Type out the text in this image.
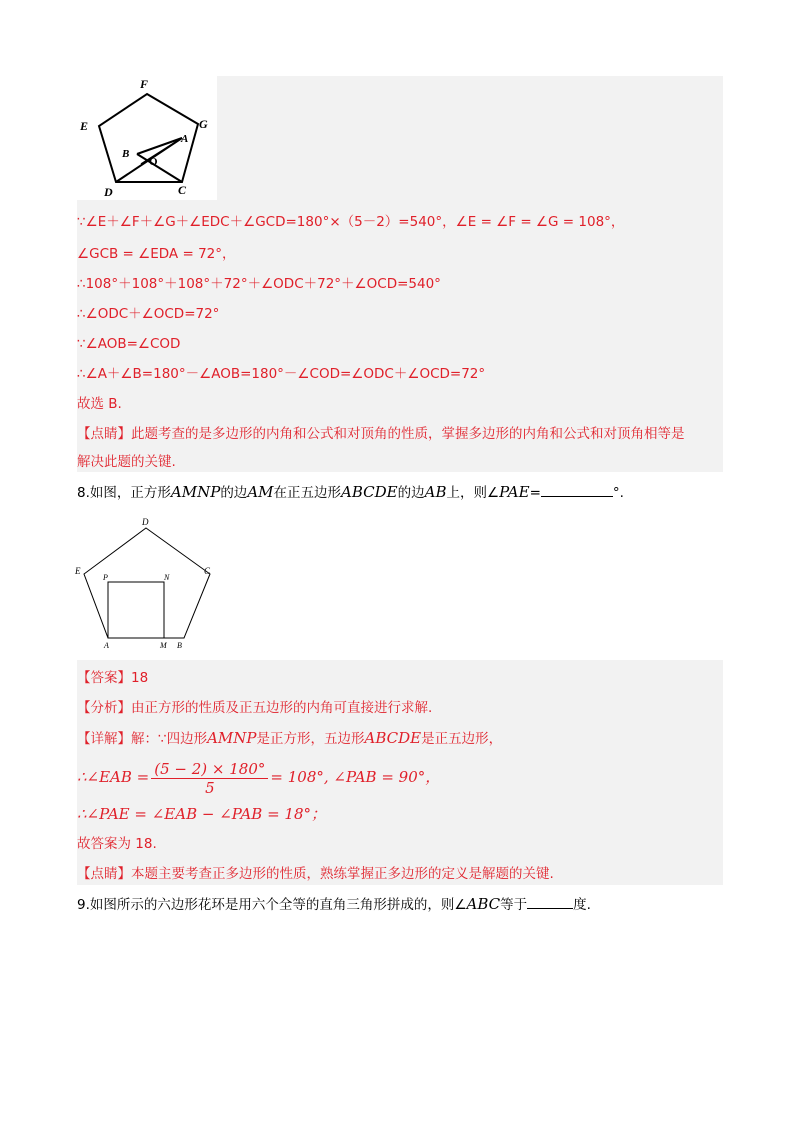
F
E	G
A
B
O
D	C
∵∠E＋∠F＋∠G＋∠EDC＋∠GCD=180°×（5－2）=540°，∠E = ∠F = ∠G = 108°，
∠GCB = ∠EDA = 72°，
∴108°＋108°＋108°＋72°＋∠ODC＋72°＋∠OCD=540°
∴∠ODC＋∠OCD=72°
∵∠AOB=∠COD
∴∠A＋∠B=180°－∠AOB=180°－∠COD=∠ODC＋∠OCD=72°
故选 B.
【点睛】此题考查的是多边形的内角和公式和对顶角的性质，掌握多边形的内角和公式和对顶角相等是
解决此题的关键.
8.如图，正方形AMNP的边AM在正五边形ABCDE的边AB上，则∠PAE=	°.
D
E	C
P	N
A	M B
【答案】18
【分析】由正方形的性质及正五边形的内角可直接进行求解.
【详解】解：∵四边形AMNP是正方形，五边形ABCDE是正五边形，
∴∠EAB = $\frac{(5 - 2) \times 180^\circ}{5} = 108^\circ$, ∠PAB = 90°，
∴∠PAE = ∠EAB − ∠PAB = 18°；
故答案为 18.
【点睛】本题主要考查正多边形的性质，熟练掌握正多边形的定义是解题的关键.
9.如图所示的六边形花环是用六个全等的直角三角形拼成的，则∠ABC等于	度.
